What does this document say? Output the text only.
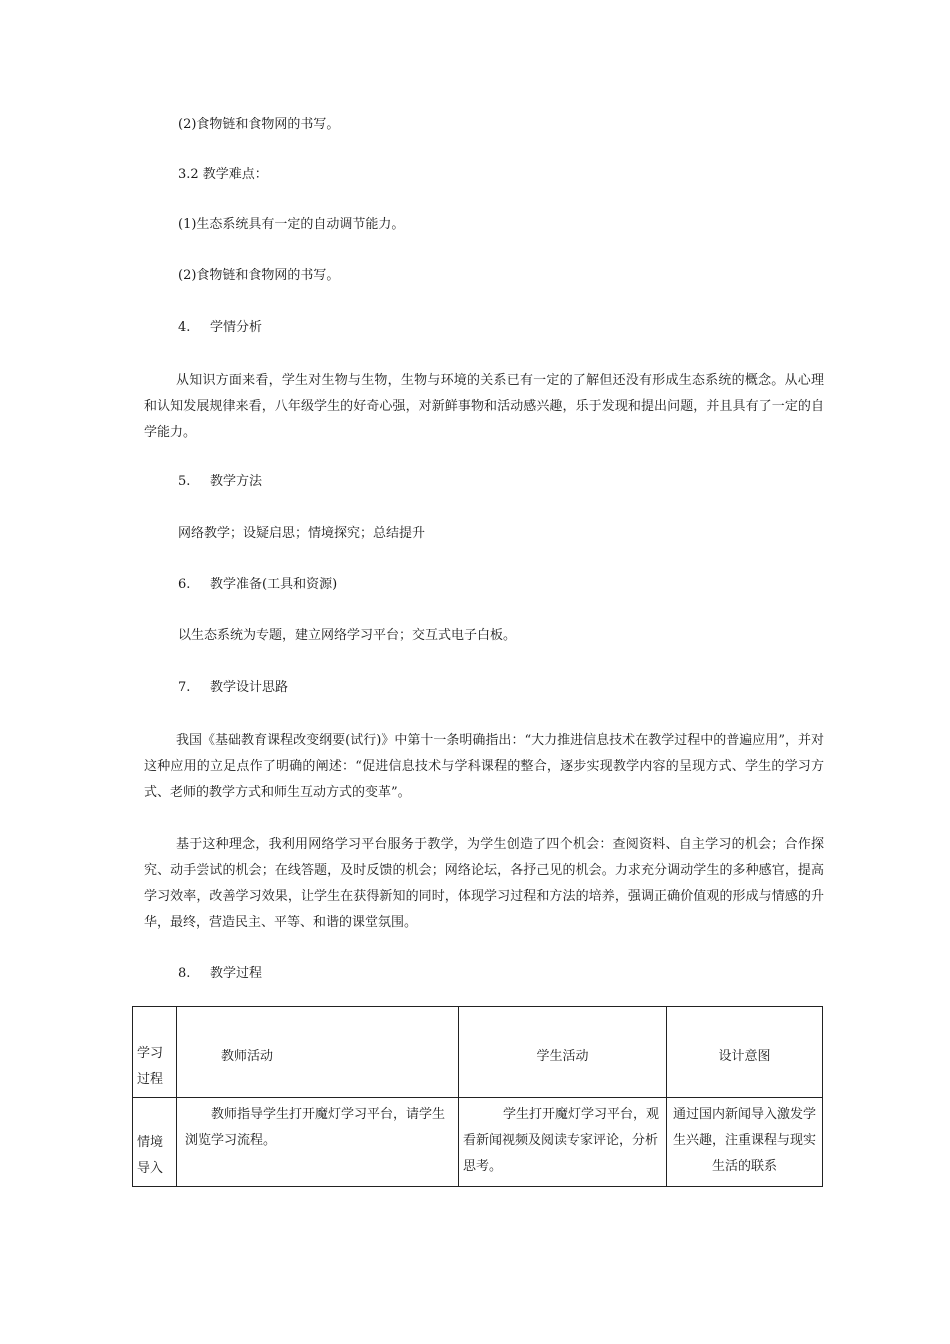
(2)食物链和食物网的书写。
3.2 教学难点：
(1)生态系统具有一定的自动调节能力。
(2)食物链和食物网的书写。
4. 学情分析
从知识方面来看，学生对生物与生物，生物与环境的关系已有一定的了解但还没有形成生态系统的概念。从心理和认知发展规律来看，八年级学生的好奇心强，对新鲜事物和活动感兴趣，乐于发现和提出问题，并且具有了一定的自学能力。
5. 教学方法
网络教学；设疑启思；情境探究；总结提升
6. 教学准备(工具和资源)
以生态系统为专题，建立网络学习平台；交互式电子白板。
7. 教学设计思路
我国《基础教育课程改变纲要(试行)》中第十一条明确指出：“大力推进信息技术在教学过程中的普遍应用”，并对这种应用的立足点作了明确的阐述：“促进信息技术与学科课程的整合，逐步实现教学内容的呈现方式、学生的学习方式、老师的教学方式和师生互动方式的变革”。
基于这种理念，我利用网络学习平台服务于教学，为学生创造了四个机会：查阅资料、自主学习的机会；合作探究、动手尝试的机会；在线答题，及时反馈的机会；网络论坛，各抒己见的机会。力求充分调动学生的多种感官，提高学习效率，改善学习效果，让学生在获得新知的同时，体现学习过程和方法的培养，强调正确价值观的形成与情感的升华，最终，营造民主、平等、和谐的课堂氛围。
8. 教学过程
学习过程	教师活动	学生活动	设计意图

情境导入	教师指导学生打开魔灯学习平台，请学生浏览学习流程。	学生打开魔灯学习平台，观看新闻视频及阅读专家评论，分析思考。	通过国内新闻导入激发学生兴趣，注重课程与现实生活的联系
